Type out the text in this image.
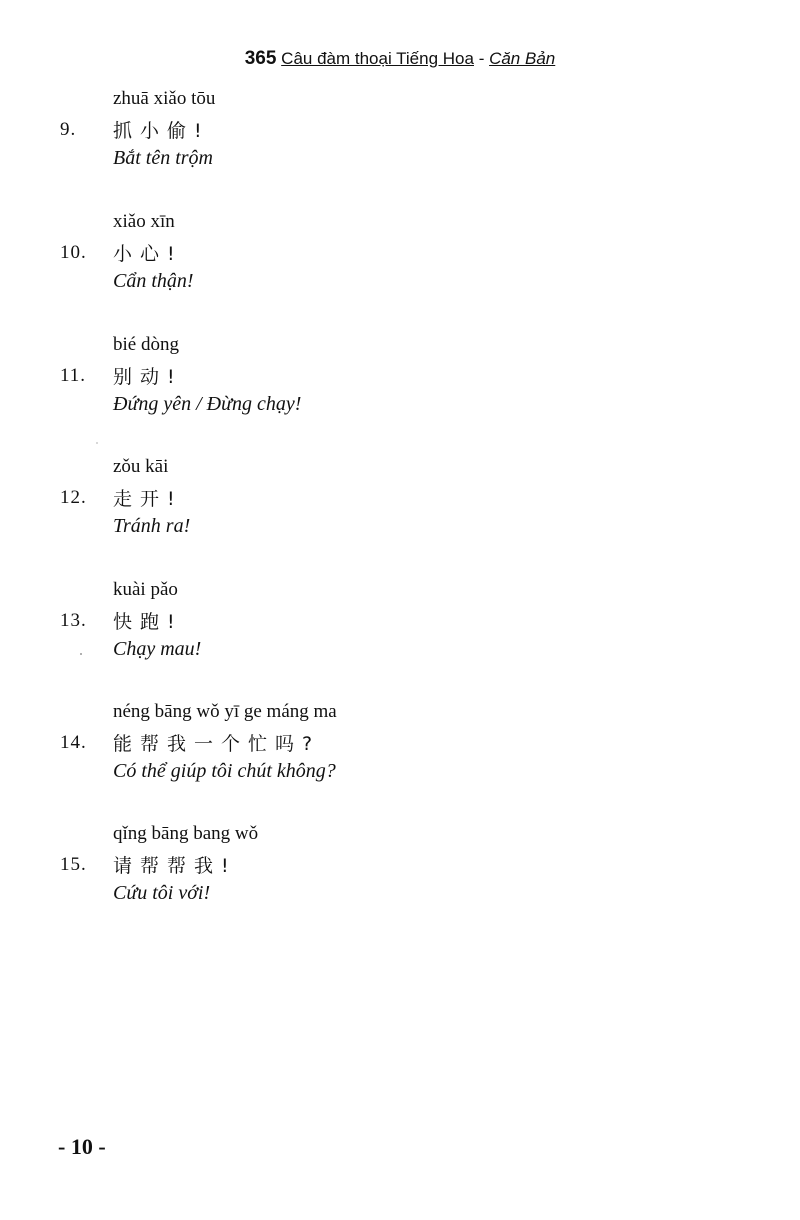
365 Câu đàm thoại Tiếng Hoa - Căn Bản
zhuā xiǎo tōu
9. 抓小偷!
Bắt tên trộm
xiǎo xīn
10. 小心!
Cẩn thận!
bié dòng
11. 别动!
Đứng yên / Đừng chạy!
zǒu kāi
12. 走开!
Tránh ra!
kuài pǎo
13. 快跑!
Chạy mau!
néng bāng wǒ yī ge máng ma
14. 能帮我一个忙吗?
Có thể giúp tôi chút không?
qǐng bāng bang wǒ
15. 请帮帮我!
Cứu tôi với!
- 10 -
